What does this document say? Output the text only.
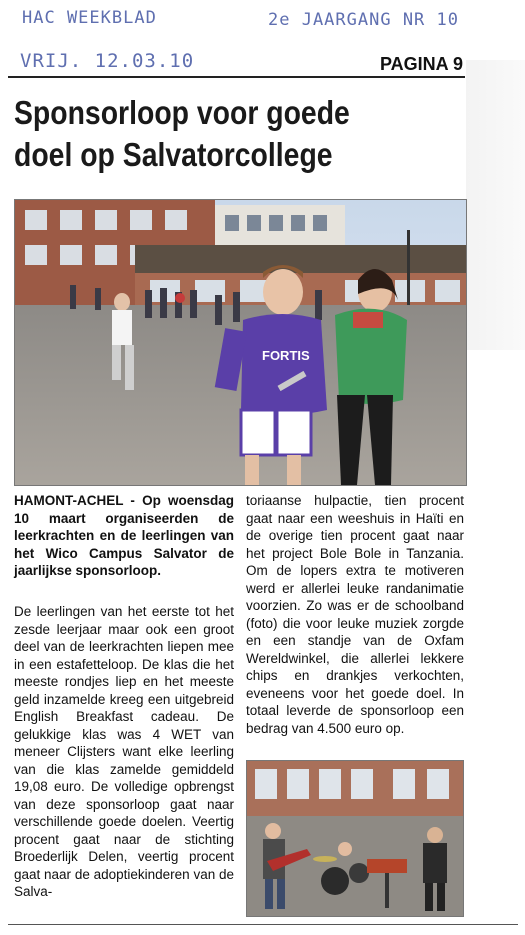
HAC WEEKBLAD	2e JAARGANG NR 10
VRIJ. 12.03.10	PAGINA 9
Sponsorloop voor goede doel op Salvatorcollege
FORTIS

HAMONT-ACHEL - Op woensdag 10 maart organiseerden de leerkrachten en de leerlingen van het Wico Campus Salvator de jaarlijkse sponsorloop.

De leerlingen van het eerste tot het zesde leerjaar maar ook een groot deel van de leerkrachten liepen mee in een estafetteloop. De klas die het meeste rondjes liep en het meeste geld inzamelde kreeg een uitgebreid English Breakfast cadeau. De gelukkige klas was 4 WET van meneer Clijsters want elke leerling van die klas zamelde gemiddeld 19,08 euro. De volledige opbrengst van deze sponsorloop gaat naar verschillende goede doelen. Veertig procent gaat naar de stichting Broederlijk Delen, veertig procent gaat naar de adoptiekinderen van de Salva-

toriaanse hulpactie, tien procent gaat naar een weeshuis in Haïti en de overige tien procent gaat naar het project Bole Bole in Tanzania. Om de lopers extra te motiveren werd er allerlei leuke randanimatie voorzien. Zo was er de schoolband (foto) die voor leuke muziek zorgde en een standje van de Oxfam Wereldwinkel, die allerlei lekkere chips en drankjes verkochten, eveneens voor het goede doel. In totaal leverde de sponsorloop een bedrag van 4.500 euro op.
